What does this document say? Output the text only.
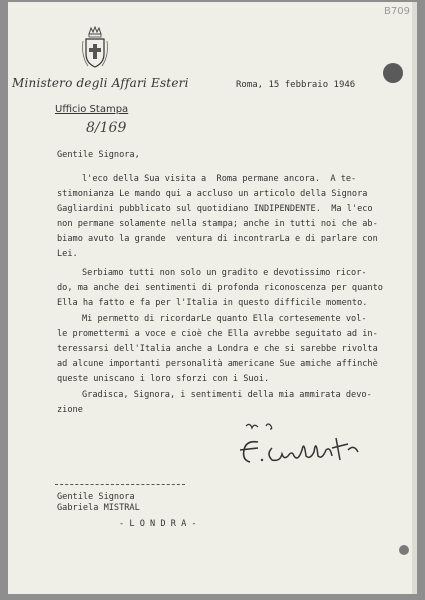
B709
Ministero degli Affari Esteri
Ufficio Stampa
8/169
Roma, 15 febbraio 1946
Gentile Signora,
l'eco della Sua visita a  Roma permane ancora.  A te-
stimonianza Le mando qui a accluso un articolo della Signora
Gagliardini pubblicato sul quotidiano INDIPENDENTE.  Ma l'eco
non permane solamente nella stampa; anche in tutti noi che ab-
biamo avuto la grande  ventura di incontrarLa e di parlare con
Lei.
Serbiamo tutti non solo un gradito e devotissimo ricor-
do, ma anche dei sentimenti di profonda riconoscenza per quanto
Ella ha fatto e fa per l'Italia in questo difficile momento.
Mi permetto di ricordarLe quanto Ella cortesemente vol-
le promettermi a voce e cioè che Ella avrebbe seguitato ad in-
teressarsi dell'Italia anche a Londra e che si sarebbe rivolta
ad alcune importanti personalità americane Sue amiche affinchè
queste uniscano i loro sforzi con i Suoi.
Gradisca, Signora, i sentimenti della mia ammirata devo-
zione
Gentile Signora
Gabriela MISTRAL
- L O N D R A -
